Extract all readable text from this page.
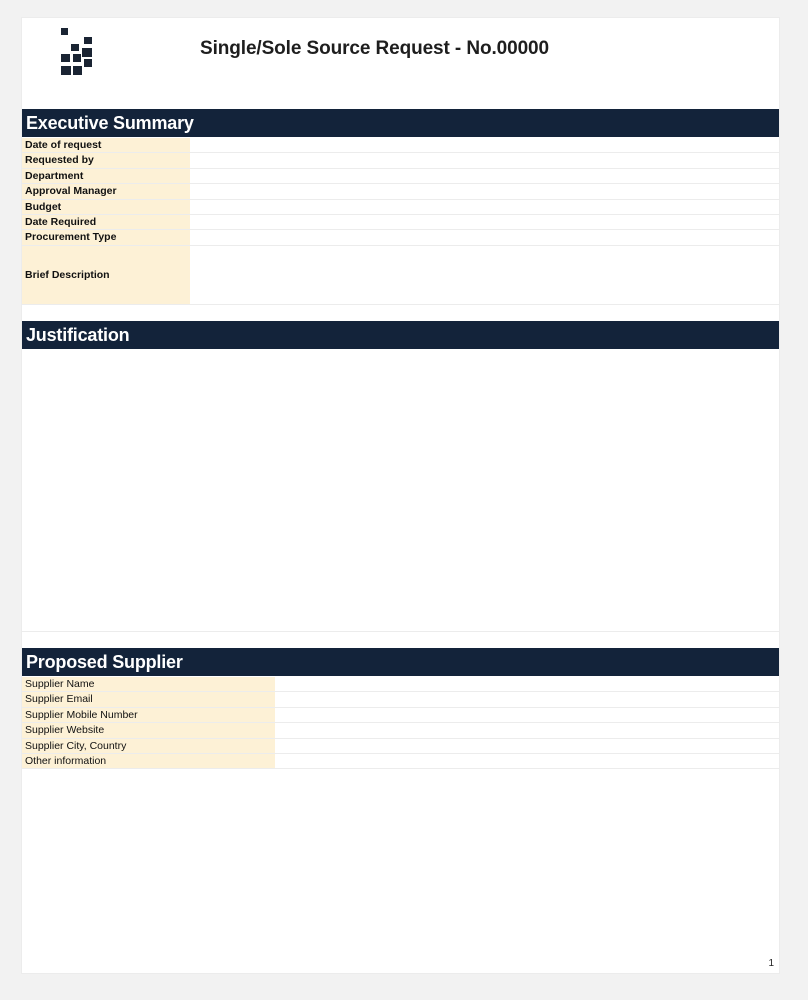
Single/Sole Source Request - No.00000
Executive Summary
Date of request
Requested by
Department
Approval Manager
Budget
Date Required
Procurement Type
Brief Description
Justification
Proposed Supplier
Supplier Name
Supplier Email
Supplier Mobile Number
Supplier Website
Supplier City, Country
Other information
1
